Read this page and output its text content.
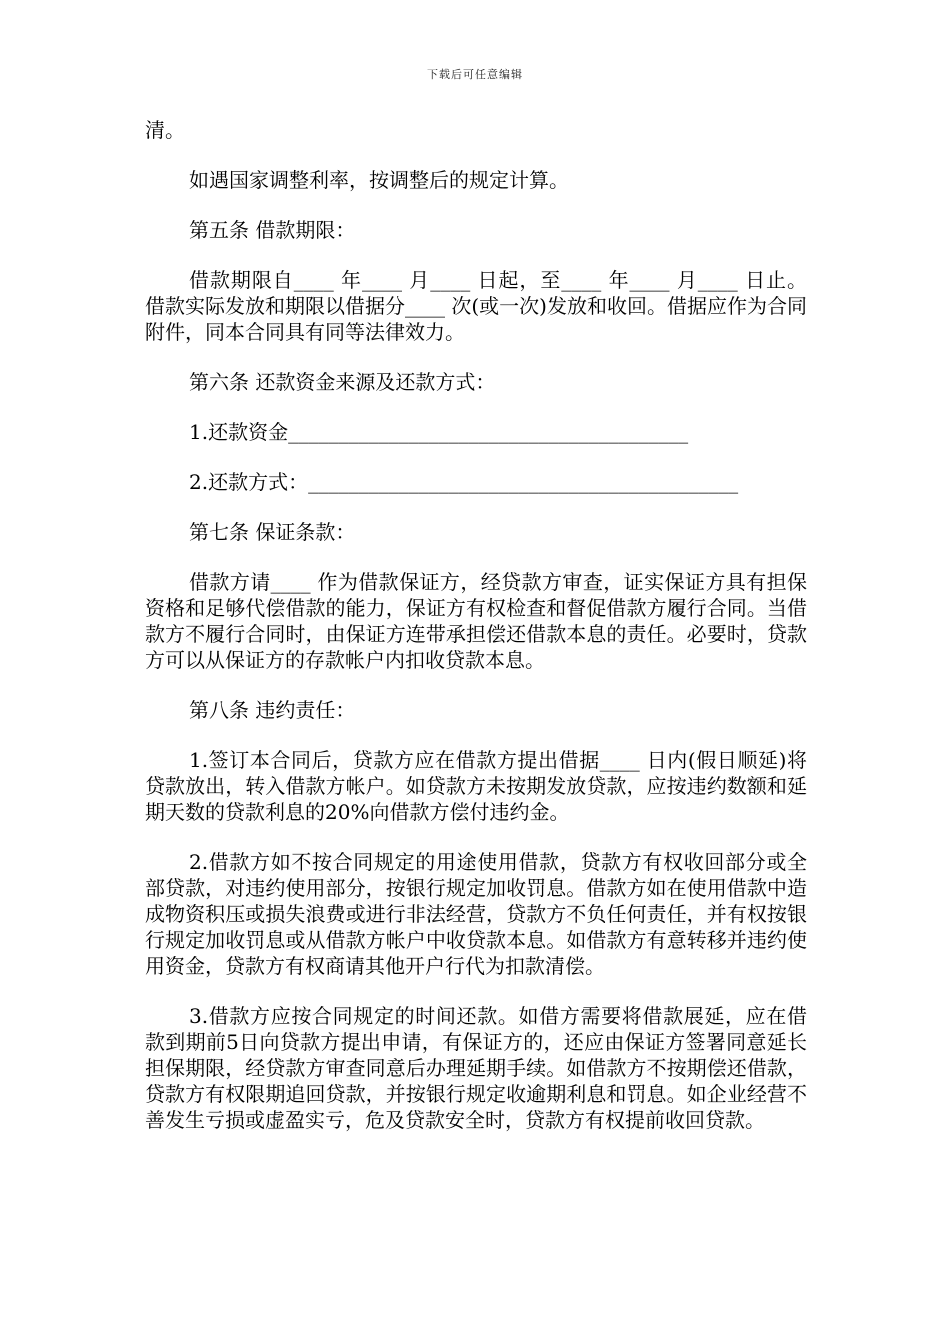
下载后可任意编辑

清。

如遇国家调整利率，按调整后的规定计算。

第五条 借款期限：

借款期限自____ 年____ 月____ 日起，至____ 年____ 月____ 日止。借款实际发放和期限以借据分____ 次(或一次)发放和收回。借据应作为合同附件，同本合同具有同等法律效力。

第六条 还款资金来源及还款方式：

1.还款资金________________________________________

2.还款方式：___________________________________________

第七条 保证条款：

借款方请____ 作为借款保证方，经贷款方审查，证实保证方具有担保资格和足够代偿借款的能力，保证方有权检查和督促借款方履行合同。当借款方不履行合同时，由保证方连带承担偿还借款本息的责任。必要时，贷款方可以从保证方的存款帐户内扣收贷款本息。

第八条 违约责任：

1.签订本合同后，贷款方应在借款方提出借据____ 日内(假日顺延)将贷款放出，转入借款方帐户。如贷款方未按期发放贷款，应按违约数额和延期天数的贷款利息的20%向借款方偿付违约金。

2.借款方如不按合同规定的用途使用借款，贷款方有权收回部分或全部贷款，对违约使用部分，按银行规定加收罚息。借款方如在使用借款中造成物资积压或损失浪费或进行非法经营，贷款方不负任何责任，并有权按银行规定加收罚息或从借款方帐户中收贷款本息。如借款方有意转移并违约使用资金，贷款方有权商请其他开户行代为扣款清偿。

3.借款方应按合同规定的时间还款。如借方需要将借款展延，应在借款到期前5日向贷款方提出申请，有保证方的，还应由保证方签署同意延长担保期限，经贷款方审查同意后办理延期手续。如借款方不按期偿还借款，贷款方有权限期追回贷款，并按银行规定收逾期利息和罚息。如企业经营不善发生亏损或虚盈实亏，危及贷款安全时，贷款方有权提前收回贷款。
